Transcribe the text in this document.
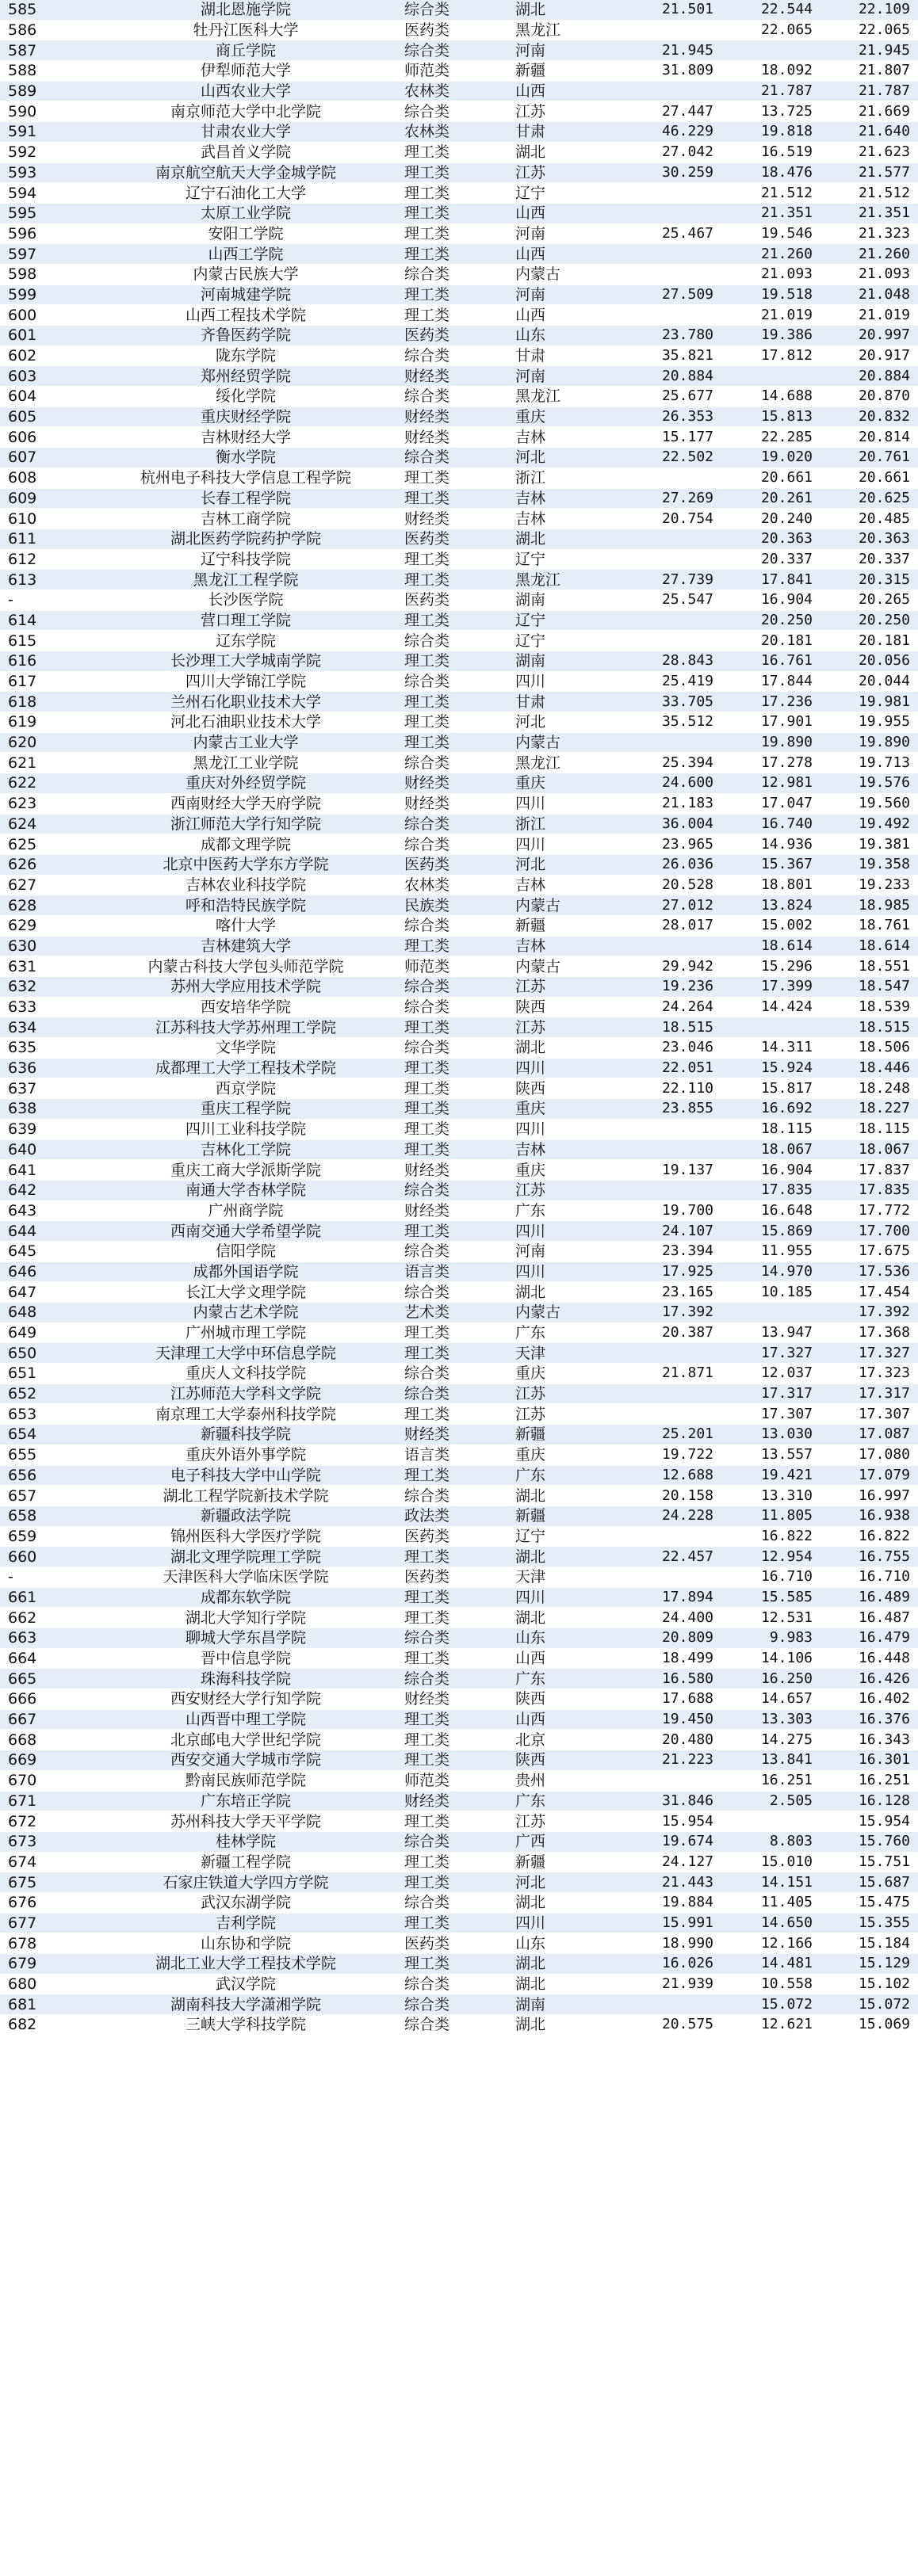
585	湖北恩施学院	综合类	湖北	21.501	22.544	22.109
586	牡丹江医科大学	医药类	黑龙江		22.065	22.065
587	商丘学院	综合类	河南	21.945		21.945
588	伊犁师范大学	师范类	新疆	31.809	18.092	21.807
589	山西农业大学	农林类	山西		21.787	21.787
590	南京师范大学中北学院	综合类	江苏	27.447	13.725	21.669
591	甘肃农业大学	农林类	甘肃	46.229	19.818	21.640
592	武昌首义学院	理工类	湖北	27.042	16.519	21.623
593	南京航空航天大学金城学院	理工类	江苏	30.259	18.476	21.577
594	辽宁石油化工大学	理工类	辽宁		21.512	21.512
595	太原工业学院	理工类	山西		21.351	21.351
596	安阳工学院	理工类	河南	25.467	19.546	21.323
597	山西工学院	理工类	山西		21.260	21.260
598	内蒙古民族大学	综合类	内蒙古		21.093	21.093
599	河南城建学院	理工类	河南	27.509	19.518	21.048
600	山西工程技术学院	理工类	山西		21.019	21.019
601	齐鲁医药学院	医药类	山东	23.780	19.386	20.997
602	陇东学院	综合类	甘肃	35.821	17.812	20.917
603	郑州经贸学院	财经类	河南	20.884		20.884
604	绥化学院	综合类	黑龙江	25.677	14.688	20.870
605	重庆财经学院	财经类	重庆	26.353	15.813	20.832
606	吉林财经大学	财经类	吉林	15.177	22.285	20.814
607	衡水学院	综合类	河北	22.502	19.020	20.761
608	杭州电子科技大学信息工程学院	理工类	浙江		20.661	20.661
609	长春工程学院	理工类	吉林	27.269	20.261	20.625
610	吉林工商学院	财经类	吉林	20.754	20.240	20.485
611	湖北医药学院药护学院	医药类	湖北		20.363	20.363
612	辽宁科技学院	理工类	辽宁		20.337	20.337
613	黑龙江工程学院	理工类	黑龙江	27.739	17.841	20.315
-	长沙医学院	医药类	湖南	25.547	16.904	20.265
614	营口理工学院	理工类	辽宁		20.250	20.250
615	辽东学院	综合类	辽宁		20.181	20.181
616	长沙理工大学城南学院	理工类	湖南	28.843	16.761	20.056
617	四川大学锦江学院	综合类	四川	25.419	17.844	20.044
618	兰州石化职业技术大学	理工类	甘肃	33.705	17.236	19.981
619	河北石油职业技术大学	理工类	河北	35.512	17.901	19.955
620	内蒙古工业大学	理工类	内蒙古		19.890	19.890
621	黑龙江工业学院	综合类	黑龙江	25.394	17.278	19.713
622	重庆对外经贸学院	财经类	重庆	24.600	12.981	19.576
623	西南财经大学天府学院	财经类	四川	21.183	17.047	19.560
624	浙江师范大学行知学院	综合类	浙江	36.004	16.740	19.492
625	成都文理学院	综合类	四川	23.965	14.936	19.381
626	北京中医药大学东方学院	医药类	河北	26.036	15.367	19.358
627	吉林农业科技学院	农林类	吉林	20.528	18.801	19.233
628	呼和浩特民族学院	民族类	内蒙古	27.012	13.824	18.985
629	喀什大学	综合类	新疆	28.017	15.002	18.761
630	吉林建筑大学	理工类	吉林		18.614	18.614
631	内蒙古科技大学包头师范学院	师范类	内蒙古	29.942	15.296	18.551
632	苏州大学应用技术学院	综合类	江苏	19.236	17.399	18.547
633	西安培华学院	综合类	陕西	24.264	14.424	18.539
634	江苏科技大学苏州理工学院	理工类	江苏	18.515		18.515
635	文华学院	综合类	湖北	23.046	14.311	18.506
636	成都理工大学工程技术学院	理工类	四川	22.051	15.924	18.446
637	西京学院	理工类	陕西	22.110	15.817	18.248
638	重庆工程学院	理工类	重庆	23.855	16.692	18.227
639	四川工业科技学院	理工类	四川		18.115	18.115
640	吉林化工学院	理工类	吉林		18.067	18.067
641	重庆工商大学派斯学院	财经类	重庆	19.137	16.904	17.837
642	南通大学杏林学院	综合类	江苏		17.835	17.835
643	广州商学院	财经类	广东	19.700	16.648	17.772
644	西南交通大学希望学院	理工类	四川	24.107	15.869	17.700
645	信阳学院	综合类	河南	23.394	11.955	17.675
646	成都外国语学院	语言类	四川	17.925	14.970	17.536
647	长江大学文理学院	综合类	湖北	23.165	10.185	17.454
648	内蒙古艺术学院	艺术类	内蒙古	17.392		17.392
649	广州城市理工学院	理工类	广东	20.387	13.947	17.368
650	天津理工大学中环信息学院	理工类	天津		17.327	17.327
651	重庆人文科技学院	综合类	重庆	21.871	12.037	17.323
652	江苏师范大学科文学院	综合类	江苏		17.317	17.317
653	南京理工大学泰州科技学院	理工类	江苏		17.307	17.307
654	新疆科技学院	财经类	新疆	25.201	13.030	17.087
655	重庆外语外事学院	语言类	重庆	19.722	13.557	17.080
656	电子科技大学中山学院	理工类	广东	12.688	19.421	17.079
657	湖北工程学院新技术学院	综合类	湖北	20.158	13.310	16.997
658	新疆政法学院	政法类	新疆	24.228	11.805	16.938
659	锦州医科大学医疗学院	医药类	辽宁		16.822	16.822
660	湖北文理学院理工学院	理工类	湖北	22.457	12.954	16.755
-	天津医科大学临床医学院	医药类	天津		16.710	16.710
661	成都东软学院	理工类	四川	17.894	15.585	16.489
662	湖北大学知行学院	理工类	湖北	24.400	12.531	16.487
663	聊城大学东昌学院	综合类	山东	20.809	9.983	16.479
664	晋中信息学院	理工类	山西	18.499	14.106	16.448
665	珠海科技学院	综合类	广东	16.580	16.250	16.426
666	西安财经大学行知学院	财经类	陕西	17.688	14.657	16.402
667	山西晋中理工学院	理工类	山西	19.450	13.303	16.376
668	北京邮电大学世纪学院	理工类	北京	20.480	14.275	16.343
669	西安交通大学城市学院	理工类	陕西	21.223	13.841	16.301
670	黔南民族师范学院	师范类	贵州		16.251	16.251
671	广东培正学院	财经类	广东	31.846	2.505	16.128
672	苏州科技大学天平学院	理工类	江苏	15.954		15.954
673	桂林学院	综合类	广西	19.674	8.803	15.760
674	新疆工程学院	理工类	新疆	24.127	15.010	15.751
675	石家庄铁道大学四方学院	理工类	河北	21.443	14.151	15.687
676	武汉东湖学院	综合类	湖北	19.884	11.405	15.475
677	吉利学院	理工类	四川	15.991	14.650	15.355
678	山东协和学院	医药类	山东	18.990	12.166	15.184
679	湖北工业大学工程技术学院	理工类	湖北	16.026	14.481	15.129
680	武汉学院	综合类	湖北	21.939	10.558	15.102
681	湖南科技大学潇湘学院	综合类	湖南		15.072	15.072
682	三峡大学科技学院	综合类	湖北	20.575	12.621	15.069
